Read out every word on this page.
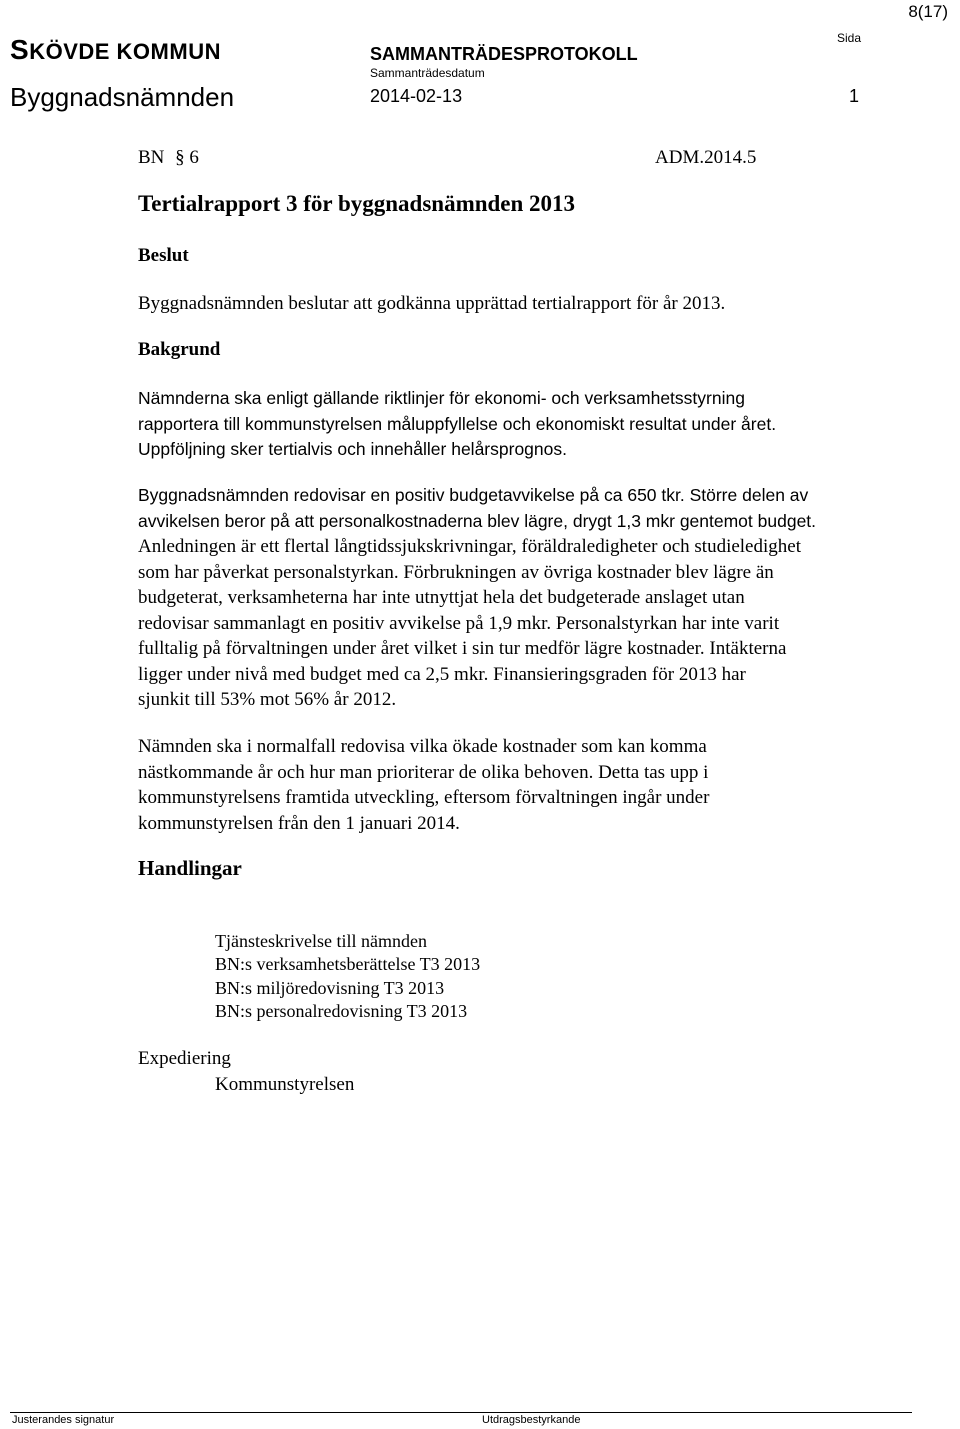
8(17)
SKÖVDE KOMMUN
Byggnadsnämnden
SAMMANTRÄDESPROTOKOLL
Sammanträdesdatum
2014-02-13
Sida
1
BN § 6	ADM.2014.5
Tertialrapport 3 för byggnadsnämnden 2013
Beslut
Byggnadsnämnden beslutar att godkänna upprättad tertialrapport för år 2013.
Bakgrund
Nämnderna ska enligt gällande riktlinjer för ekonomi- och verksamhetsstyrning
rapportera till kommunstyrelsen måluppfyllelse och ekonomiskt resultat under året.
Uppföljning sker tertialvis och innehåller helårsprognos.
Byggnadsnämnden redovisar en positiv budgetavvikelse på ca 650 tkr. Större delen av
avvikelsen beror på att personalkostnaderna blev lägre, drygt 1,3 mkr gentemot budget.
Anledningen är ett flertal långtidssjukskrivningar, föräldraledigheter och studieledighet
som har påverkat personalstyrkan. Förbrukningen av övriga kostnader blev lägre än
budgeterat, verksamheterna har inte utnyttjat hela det budgeterade anslaget utan
redovisar sammanlagt en positiv avvikelse på 1,9 mkr. Personalstyrkan har inte varit
fulltalig på förvaltningen under året vilket i sin tur medför lägre kostnader. Intäkterna
ligger under nivå med budget med ca 2,5 mkr. Finansieringsgraden för 2013 har
sjunkit till 53% mot 56% år 2012.
Nämnden ska i normalfall redovisa vilka ökade kostnader som kan komma
nästkommande år och hur man prioriterar de olika behoven. Detta tas upp i
kommunstyrelsens framtida utveckling, eftersom förvaltningen ingår under
kommunstyrelsen från den 1 januari 2014.
Handlingar
Tjänsteskrivelse till nämnden
BN:s verksamhetsberättelse T3 2013
BN:s miljöredovisning T3 2013
BN:s personalredovisning T3 2013
Expediering
Kommunstyrelsen
Justerandes signatur	Utdragsbestyrkande
